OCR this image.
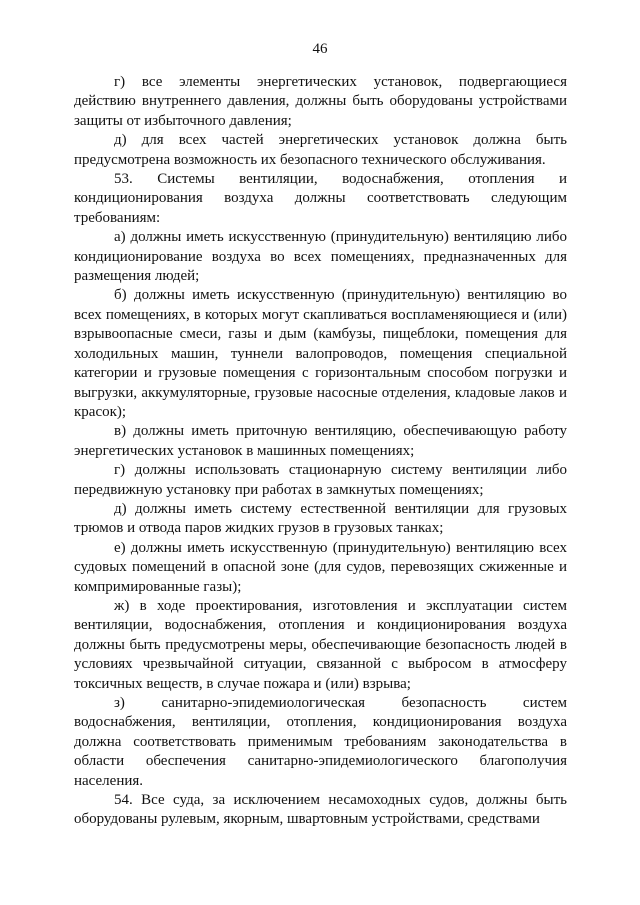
46

г) все элементы энергетических установок, подвергающиеся действию внутреннего давления, должны быть оборудованы устройствами защиты от избыточного давления;

д) для всех частей энергетических установок должна быть предусмотрена возможность их безопасного технического обслуживания.

53. Системы вентиляции, водоснабжения, отопления и кондиционирования воздуха должны соответствовать следующим требованиям:

а) должны иметь искусственную (принудительную) вентиляцию либо кондиционирование воздуха во всех помещениях, предназначенных для размещения людей;

б) должны иметь искусственную (принудительную) вентиляцию во всех помещениях, в которых могут скапливаться воспламеняющиеся и (или) взрывоопасные смеси, газы и дым (камбузы, пищеблоки, помещения для холодильных машин, туннели валопроводов, помещения специальной категории и грузовые помещения с горизонтальным способом погрузки и выгрузки, аккумуляторные, грузовые насосные отделения, кладовые лаков и красок);

в) должны иметь приточную вентиляцию, обеспечивающую работу энергетических установок в машинных помещениях;

г) должны использовать стационарную систему вентиляции либо передвижную установку при работах в замкнутых помещениях;

д) должны иметь систему естественной вентиляции для грузовых трюмов и отвода паров жидких грузов в грузовых танках;

е) должны иметь искусственную (принудительную) вентиляцию всех судовых помещений в опасной зоне (для судов, перевозящих сжиженные и компримированные газы);

ж) в ходе проектирования, изготовления и эксплуатации систем вентиляции, водоснабжения, отопления и кондиционирования воздуха должны быть предусмотрены меры, обеспечивающие безопасность людей в условиях чрезвычайной ситуации, связанной с выбросом в атмосферу токсичных веществ, в случае пожара и (или) взрыва;

з) санитарно-эпидемиологическая безопасность систем водоснабжения, вентиляции, отопления, кондиционирования воздуха должна соответствовать применимым требованиям законодательства в области обеспечения санитарно-эпидемиологического благополучия населения.

54. Все суда, за исключением несамоходных судов, должны быть оборудованы рулевым, якорным, швартовным устройствами, средствами
